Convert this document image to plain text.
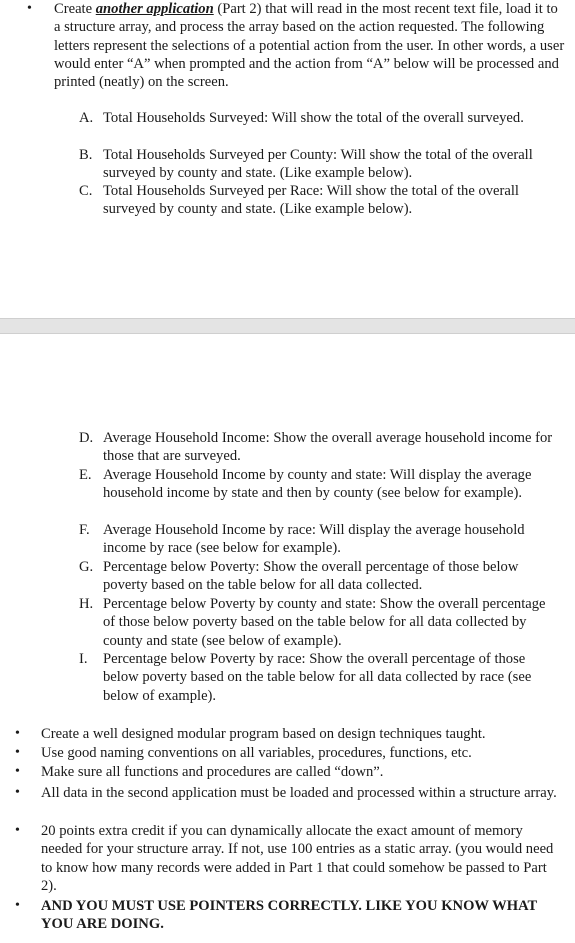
•
Create another application (Part 2) that will read in the most recent text file, load it to a structure array, and process the array based on the action requested. The following letters represent the selections of a potential action from the user. In other words, a user would enter “A” when prompted and the action from “A” below will be processed and printed (neatly) on the screen.
A. Total Households Surveyed: Will show the total of the overall surveyed.
B. Total Households Surveyed per County: Will show the total of the overall surveyed by county and state. (Like example below).
C. Total Households Surveyed per Race: Will show the total of the overall surveyed by county and state. (Like example below).
D. Average Household Income: Show the overall average household income for those that are surveyed.
E. Average Household Income by county and state: Will display the average household income by state and then by county (see below for example).
F. Average Household Income by race: Will display the average household income by race (see below for example).
G. Percentage below Poverty: Show the overall percentage of those below poverty based on the table below for all data collected.
H. Percentage below Poverty by county and state: Show the overall percentage of those below poverty based on the table below for all data collected by county and state (see below of example).
I.	Percentage below Poverty by race: Show the overall percentage of those below poverty based on the table below for all data collected by race (see below of example).
•
Create a well designed modular program based on design techniques taught.
•
Use good naming conventions on all variables, procedures, functions, etc.
•
Make sure all functions and procedures are called “down”.
•
All data in the second application must be loaded and processed within a structure array.
•
20 points extra credit if you can dynamically allocate the exact amount of memory needed for your structure array. If not, use 100 entries as a static array. (you would need to know how many records were added in Part 1 that could somehow be passed to Part 2).
•
AND YOU MUST USE POINTERS CORRECTLY. LIKE YOU KNOW WHAT YOU ARE DOING.
